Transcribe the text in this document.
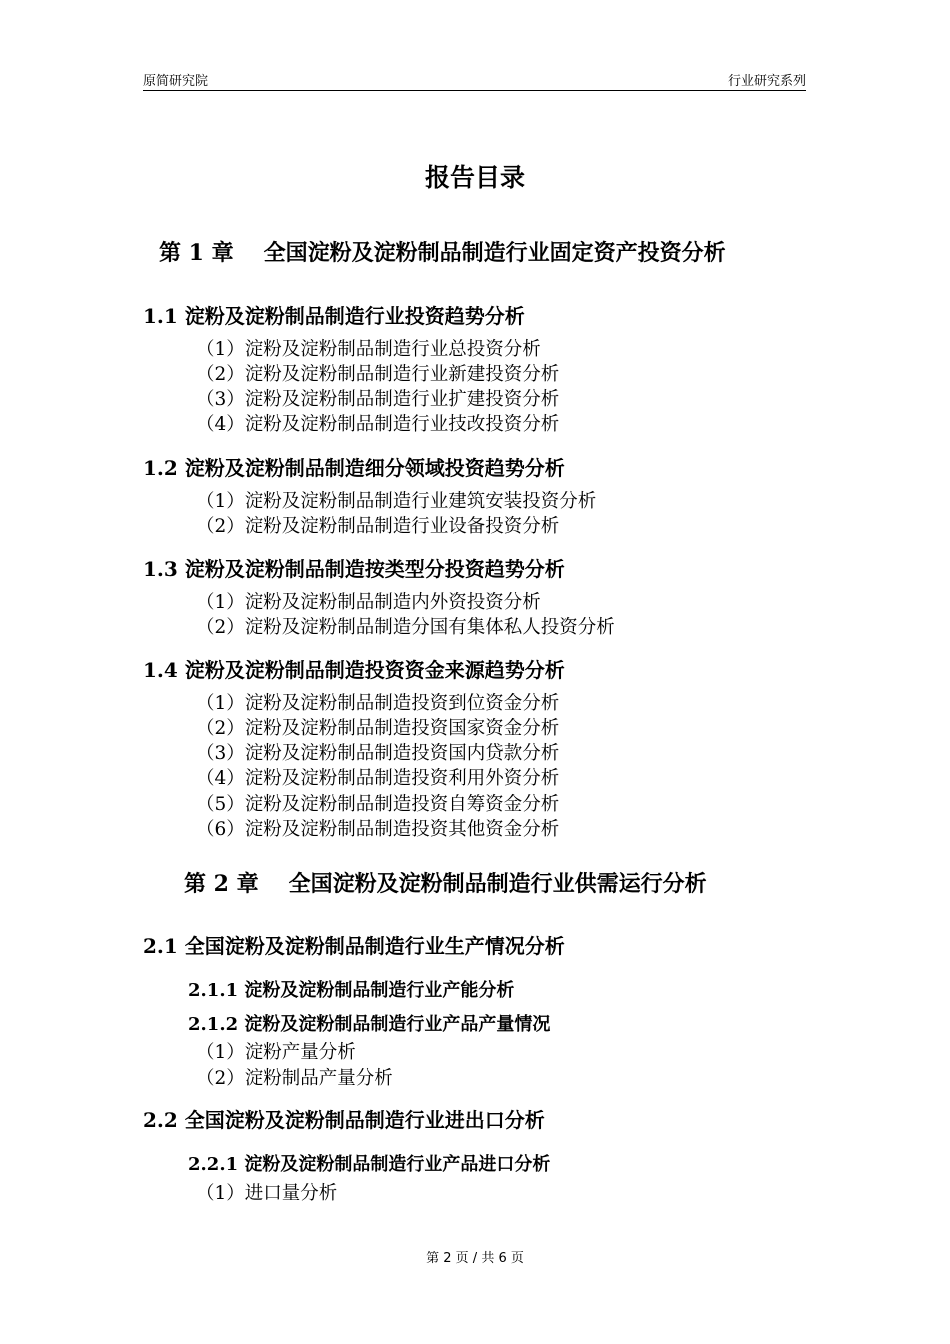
原简研究院	行业研究系列
报告目录
第 1 章 全国淀粉及淀粉制品制造行业固定资产投资分析
1.1 淀粉及淀粉制品制造行业投资趋势分析
（1）淀粉及淀粉制品制造行业总投资分析
（2）淀粉及淀粉制品制造行业新建投资分析
（3）淀粉及淀粉制品制造行业扩建投资分析
（4）淀粉及淀粉制品制造行业技改投资分析
1.2 淀粉及淀粉制品制造细分领域投资趋势分析
（1）淀粉及淀粉制品制造行业建筑安装投资分析
（2）淀粉及淀粉制品制造行业设备投资分析
1.3 淀粉及淀粉制品制造按类型分投资趋势分析
（1）淀粉及淀粉制品制造内外资投资分析
（2）淀粉及淀粉制品制造分国有集体私人投资分析
1.4 淀粉及淀粉制品制造投资资金来源趋势分析
（1）淀粉及淀粉制品制造投资到位资金分析
（2）淀粉及淀粉制品制造投资国家资金分析
（3）淀粉及淀粉制品制造投资国内贷款分析
（4）淀粉及淀粉制品制造投资利用外资分析
（5）淀粉及淀粉制品制造投资自筹资金分析
（6）淀粉及淀粉制品制造投资其他资金分析
第 2 章 全国淀粉及淀粉制品制造行业供需运行分析
2.1 全国淀粉及淀粉制品制造行业生产情况分析
2.1.1 淀粉及淀粉制品制造行业产能分析
2.1.2 淀粉及淀粉制品制造行业产品产量情况
（1）淀粉产量分析
（2）淀粉制品产量分析
2.2 全国淀粉及淀粉制品制造行业进出口分析
2.2.1 淀粉及淀粉制品制造行业产品进口分析
（1）进口量分析
第 2 页 / 共 6 页
